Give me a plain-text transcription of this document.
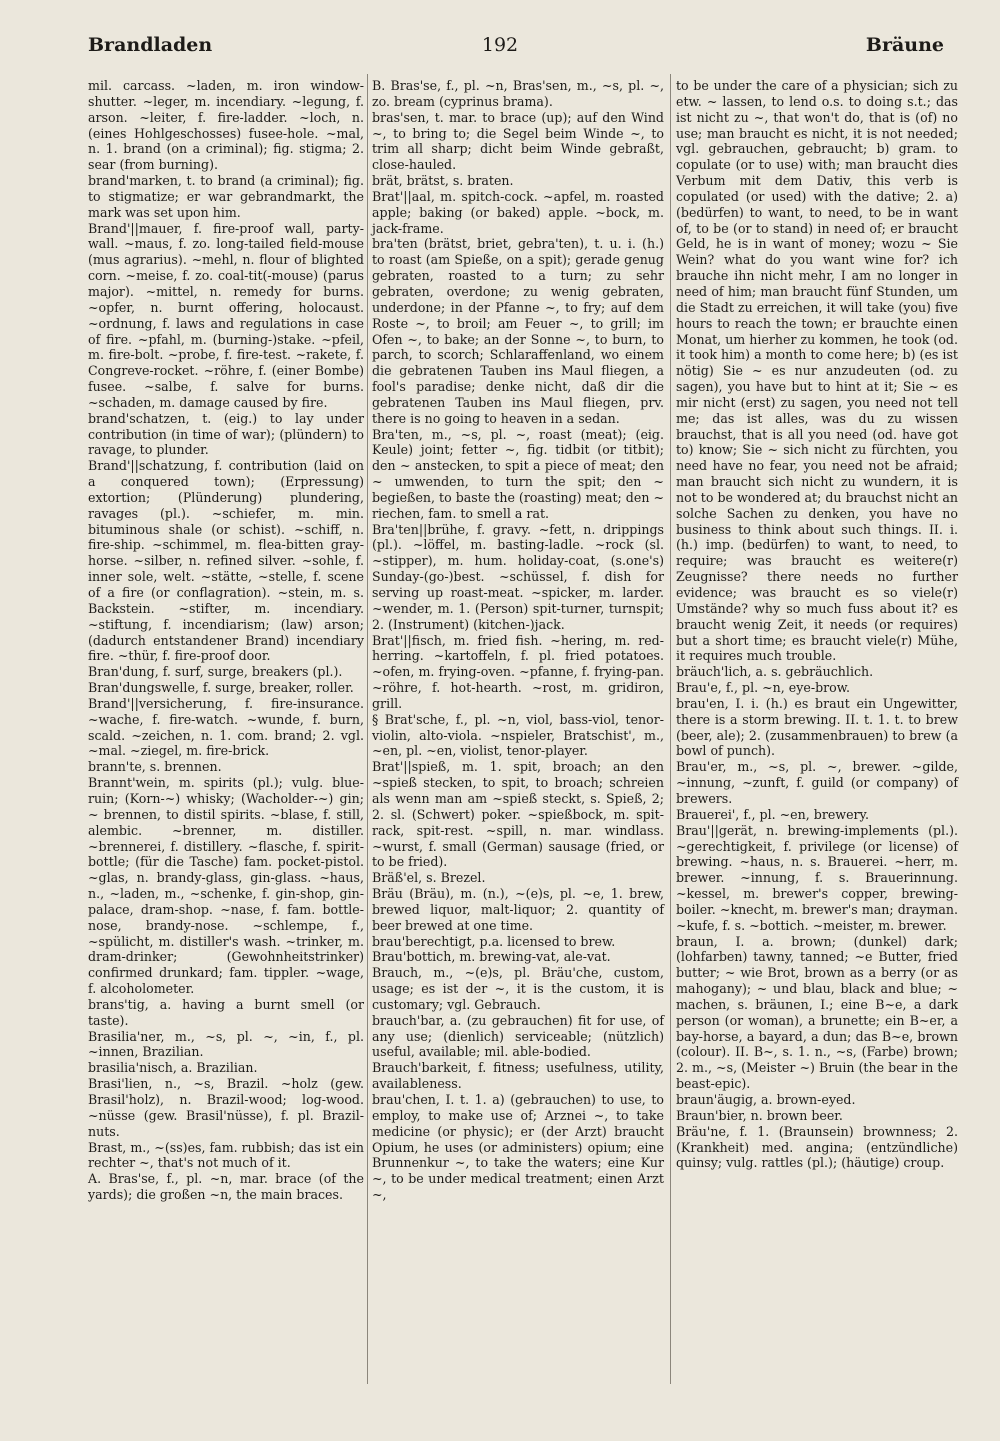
Brandladen	192	Bräune

mil. carcass. ~laden, m. iron window-shutter. ~leger, m. incendiary. ~legung, f. arson. ~leiter, f. fire-ladder. ~loch, n. (eines Hohlgeschosses) fusee-hole. ~mal, n. 1. brand (on a criminal); fig. stigma; 2. sear (from burning).

brand'marken, t. to brand (a criminal); fig. to stigmatize; er war gebrandmarkt, the mark was set upon him.

Brand'||mauer, f. fire-proof wall, party-wall. ~maus, f. zo. long-tailed field-mouse (mus agrarius). ~mehl, n. flour of blighted corn. ~meise, f. zo. coal-tit(-mouse) (parus major). ~mittel, n. remedy for burns. ~opfer, n. burnt offering, holocaust. ~ordnung, f. laws and regulations in case of fire. ~pfahl, m. (burning-)stake. ~pfeil, m. fire-bolt. ~probe, f. fire-test. ~rakete, f. Congreve-rocket. ~röhre, f. (einer Bombe) fusee. ~salbe, f. salve for burns. ~schaden, m. damage caused by fire.

brand'schatzen, t. (eig.) to lay under contribution (in time of war); (plündern) to ravage, to plunder.

Brand'||schatzung, f. contribution (laid on a conquered town); (Erpressung) extortion; (Plünderung) plundering, ravages (pl.). ~schiefer, m. min. bituminous shale (or schist). ~schiff, n. fire-ship. ~schimmel, m. flea-bitten gray-horse. ~silber, n. refined silver. ~sohle, f. inner sole, welt. ~stätte, ~stelle, f. scene of a fire (or conflagration). ~stein, m. s. Backstein. ~stifter, m. incendiary. ~stiftung, f. incendiarism; (law) arson; (dadurch entstandener Brand) incendiary fire. ~thür, f. fire-proof door.

Bran'dung, f. surf, surge, breakers (pl.).

Bran'dungswelle, f. surge, breaker, roller.

Brand'||versicherung, f. fire-insurance. ~wache, f. fire-watch. ~wunde, f. burn, scald. ~zeichen, n. 1. com. brand; 2. vgl. ~mal. ~ziegel, m. fire-brick.

brann'te, s. brennen.

Brannt'wein, m. spirits (pl.); vulg. blue-ruin; (Korn-~) whisky; (Wacholder-~) gin; ~ brennen, to distil spirits. ~blase, f. still, alembic. ~brenner, m. distiller. ~brennerei, f. distillery. ~flasche, f. spirit-bottle; (für die Tasche) fam. pocket-pistol. ~glas, n. brandy-glass, gin-glass. ~haus, n., ~laden, m., ~schenke, f. gin-shop, gin-palace, dram-shop. ~nase, f. fam. bottle-nose, brandy-nose. ~schlempe, f., ~spülicht, m. distiller's wash. ~trinker, m. dram-drinker; (Gewohnheitstrinker) confirmed drunkard; fam. tippler. ~wage, f. alcoholometer.

brans'tig, a. having a burnt smell (or taste).

Brasilia'ner, m., ~s, pl. ~, ~in, f., pl. ~innen, Brazilian.

brasilia'nisch, a. Brazilian.

Brasi'lien, n., ~s, Brazil. ~holz (gew. Brasil'holz), n. Brazil-wood; log-wood. ~nüsse (gew. Brasil'nüsse), f. pl. Brazil-nuts.

Brast, m., ~(ss)es, fam. rubbish; das ist ein rechter ~, that's not much of it.

A. Bras'se, f., pl. ~n, mar. brace (of the yards); die großen ~n, the main braces.

B. Bras'se, f., pl. ~n, Bras'sen, m., ~s, pl. ~, zo. bream (cyprinus brama).

bras'sen, t. mar. to brace (up); auf den Wind ~, to bring to; die Segel beim Winde ~, to trim all sharp; dicht beim Winde gebraßt, close-hauled.

brät, brätst, s. braten.

Brat'||aal, m. spitch-cock. ~apfel, m. roasted apple; baking (or baked) apple. ~bock, m. jack-frame.

bra'ten (brätst, briet, gebra'ten), t. u. i. (h.) to roast (am Spieße, on a spit); gerade genug gebraten, roasted to a turn; zu sehr gebraten, overdone; zu wenig gebraten, underdone; in der Pfanne ~, to fry; auf dem Roste ~, to broil; am Feuer ~, to grill; im Ofen ~, to bake; an der Sonne ~, to burn, to parch, to scorch; Schlaraffenland, wo einem die gebratenen Tauben ins Maul fliegen, a fool's paradise; denke nicht, daß dir die gebratenen Tauben ins Maul fliegen, prv. there is no going to heaven in a sedan.

Bra'ten, m., ~s, pl. ~, roast (meat); (eig. Keule) joint; fetter ~, fig. tidbit (or titbit); den ~ anstecken, to spit a piece of meat; den ~ umwenden, to turn the spit; den ~ begießen, to baste the (roasting) meat; den ~ riechen, fam. to smell a rat.

Bra'ten||brühe, f. gravy. ~fett, n. drippings (pl.). ~löffel, m. basting-ladle. ~rock (sl. ~stipper), m. hum. holiday-coat, (s.one's) Sunday-(go-)best. ~schüssel, f. dish for serving up roast-meat. ~spicker, m. larder. ~wender, m. 1. (Person) spit-turner, turnspit; 2. (Instrument) (kitchen-)jack.

Brat'||fisch, m. fried fish. ~hering, m. red-herring. ~kartoffeln, f. pl. fried potatoes. ~ofen, m. frying-oven. ~pfanne, f. frying-pan. ~röhre, f. hot-hearth. ~rost, m. gridiron, grill.

§ Brat'sche, f., pl. ~n, viol, bass-viol, tenor-violin, alto-viola. ~nspieler, Bratschist', m., ~en, pl. ~en, violist, tenor-player.

Brat'||spieß, m. 1. spit, broach; an den ~spieß stecken, to spit, to broach; schreien als wenn man am ~spieß steckt, s. Spieß, 2; 2. sl. (Schwert) poker. ~spießbock, m. spit-rack, spit-rest. ~spill, n. mar. windlass. ~wurst, f. small (German) sausage (fried, or to be fried).

Bräß'el, s. Brezel.

Bräu (Bräu), m. (n.), ~(e)s, pl. ~e, 1. brew, brewed liquor, malt-liquor; 2. quantity of beer brewed at one time.

brau'berechtigt, p.a. licensed to brew.

Brau'bottich, m. brewing-vat, ale-vat.

Brauch, m., ~(e)s, pl. Bräu'che, custom, usage; es ist der ~, it is the custom, it is customary; vgl. Gebrauch.

brauch'bar, a. (zu gebrauchen) fit for use, of any use; (dienlich) serviceable; (nützlich) useful, available; mil. able-bodied.

Brauch'barkeit, f. fitness; usefulness, utility, availableness.

brau'chen, I. t. 1. a) (gebrauchen) to use, to employ, to make use of; Arznei ~, to take medicine (or physic); er (der Arzt) braucht Opium, he uses (or administers) opium; eine Brunnenkur ~, to take the waters; eine Kur ~, to be under medical treatment; einen Arzt ~,

to be under the care of a physician; sich zu etw. ~ lassen, to lend o.s. to doing s.t.; das ist nicht zu ~, that won't do, that is (of) no use; man braucht es nicht, it is not needed; vgl. gebrauchen, gebraucht; b) gram. to copulate (or to use) with; man braucht dies Verbum mit dem Dativ, this verb is copulated (or used) with the dative; 2. a) (bedürfen) to want, to need, to be in want of, to be (or to stand) in need of; er braucht Geld, he is in want of money; wozu ~ Sie Wein? what do you want wine for? ich brauche ihn nicht mehr, I am no longer in need of him; man braucht fünf Stunden, um die Stadt zu erreichen, it will take (you) five hours to reach the town; er brauchte einen Monat, um hierher zu kommen, he took (od. it took him) a month to come here; b) (es ist nötig) Sie ~ es nur anzudeuten (od. zu sagen), you have but to hint at it; Sie ~ es mir nicht (erst) zu sagen, you need not tell me; das ist alles, was du zu wissen brauchst, that is all you need (od. have got to) know; Sie ~ sich nicht zu fürchten, you need have no fear, you need not be afraid; man braucht sich nicht zu wundern, it is not to be wondered at; du brauchst nicht an solche Sachen zu denken, you have no business to think about such things. II. i. (h.) imp. (bedürfen) to want, to need, to require; was braucht es weitere(r) Zeugnisse? there needs no further evidence; was braucht es so viele(r) Umstände? why so much fuss about it? es braucht wenig Zeit, it needs (or requires) but a short time; es braucht viele(r) Mühe, it requires much trouble.

bräuch'lich, a. s. gebräuchlich.

Brau'e, f., pl. ~n, eye-brow.

brau'en, I. i. (h.) es braut ein Ungewitter, there is a storm brewing. II. t. 1. t. to brew (beer, ale); 2. (zusammenbrauen) to brew (a bowl of punch).

Brau'er, m., ~s, pl. ~, brewer. ~gilde, ~innung, ~zunft, f. guild (or company) of brewers.

Brauerei', f., pl. ~en, brewery.

Brau'||gerät, n. brewing-implements (pl.). ~gerechtigkeit, f. privilege (or license) of brewing. ~haus, n. s. Brauerei. ~herr, m. brewer. ~innung, f. s. Brauerinnung. ~kessel, m. brewer's copper, brewing-boiler. ~knecht, m. brewer's man; drayman. ~kufe, f. s. ~bottich. ~meister, m. brewer.

braun, I. a. brown; (dunkel) dark; (lohfarben) tawny, tanned; ~e Butter, fried butter; ~ wie Brot, brown as a berry (or as mahogany); ~ und blau, black and blue; ~ machen, s. bräunen, I.; eine B~e, a dark person (or woman), a brunette; ein B~er, a bay-horse, a bayard, a dun; das B~e, brown (colour). II. B~, s. 1. n., ~s, (Farbe) brown; 2. m., ~s, (Meister ~) Bruin (the bear in the beast-epic).

braun'äugig, a. brown-eyed.

Braun'bier, n. brown beer.

Bräu'ne, f. 1. (Braunsein) brownness; 2. (Krankheit) med. angina; (entzündliche) quinsy; vulg. rattles (pl.); (häutige) croup.
